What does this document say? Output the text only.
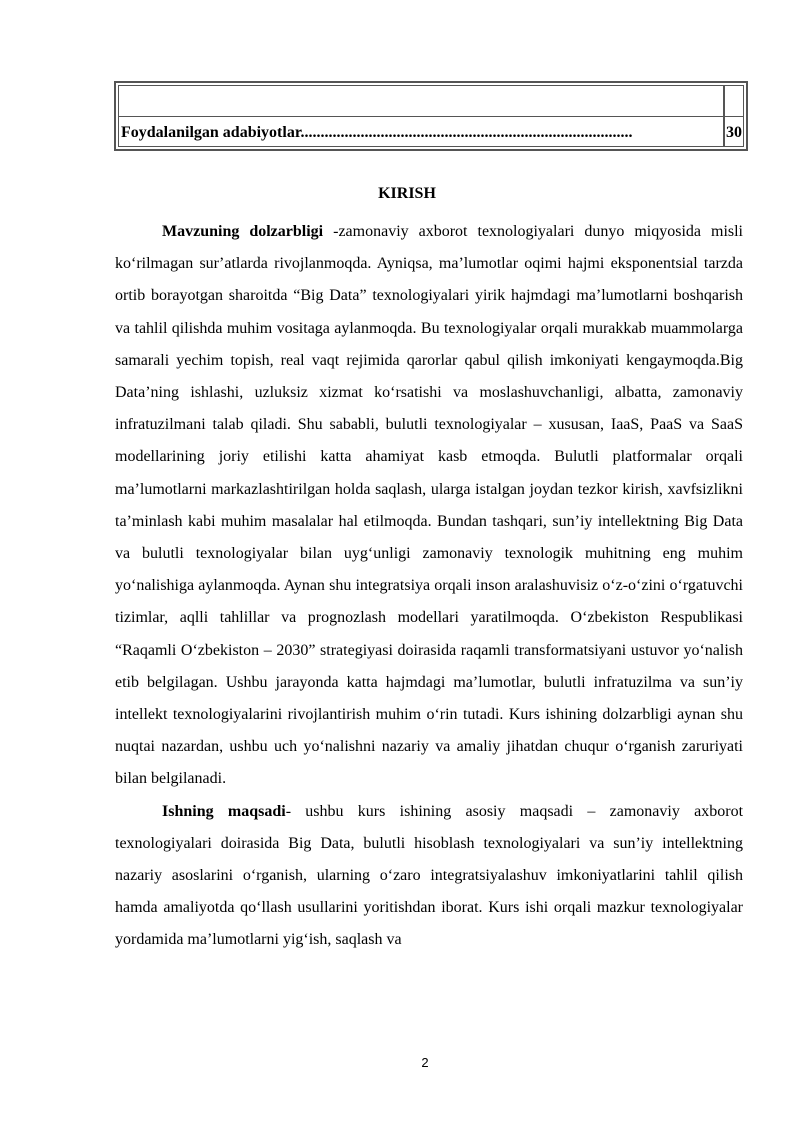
Foydalanilgan adabiyotlar...................................................................................	30
KIRISH

Mavzuning dolzarbligi -zamonaviy axborot texnologiyalari dunyo miqyosida misli koʻrilmagan surʼatlarda rivojlanmoqda. Ayniqsa, maʼlumotlar oqimi hajmi eksponentsial tarzda ortib borayotgan sharoitda “Big Data” texnologiyalari yirik hajmdagi maʼlumotlarni boshqarish va tahlil qilishda muhim vositaga aylanmoqda. Bu texnologiyalar orqali murakkab muammolarga samarali yechim topish, real vaqt rejimida qarorlar qabul qilish imkoniyati kengaymoqda.Big Dataʼning ishlashi, uzluksiz xizmat koʻrsatishi va moslashuvchanligi, albatta, zamonaviy infratuzilmani talab qiladi. Shu sababli, bulutli texnologiyalar – xususan, IaaS, PaaS va SaaS modellarining joriy etilishi katta ahamiyat kasb etmoqda. Bulutli platformalar orqali maʼlumotlarni markazlashtirilgan holda saqlash, ularga istalgan joydan tezkor kirish, xavfsizlikni taʼminlash kabi muhim masalalar hal etilmoqda. Bundan tashqari, sunʼiy intellektning Big Data va bulutli texnologiyalar bilan uygʻunligi zamonaviy texnologik muhitning eng muhim yoʻnalishiga aylanmoqda. Aynan shu integratsiya orqali inson aralashuvisiz oʻz-oʻzini oʻrgatuvchi tizimlar, aqlli tahlillar va prognozlash modellari yaratilmoqda. Oʻzbekiston Respublikasi “Raqamli Oʻzbekiston – 2030” strategiyasi doirasida raqamli transformatsiyani ustuvor yoʻnalish etib belgilagan. Ushbu jarayonda katta hajmdagi maʼlumotlar, bulutli infratuzilma va sunʼiy intellekt texnologiyalarini rivojlantirish muhim oʻrin tutadi. Kurs ishining dolzarbligi aynan shu nuqtai nazardan, ushbu uch yoʻnalishni nazariy va amaliy jihatdan chuqur oʻrganish zaruriyati bilan belgilanadi.

Ishning maqsadi- ushbu kurs ishining asosiy maqsadi – zamonaviy axborot texnologiyalari doirasida Big Data, bulutli hisoblash texnologiyalari va sunʼiy intellektning nazariy asoslarini oʻrganish, ularning oʻzaro integratsiyalashuv imkoniyatlarini tahlil qilish hamda amaliyotda qoʻllash usullarini yoritishdan iborat. Kurs ishi orqali mazkur texnologiyalar yordamida maʼlumotlarni yigʻish, saqlash va

2
